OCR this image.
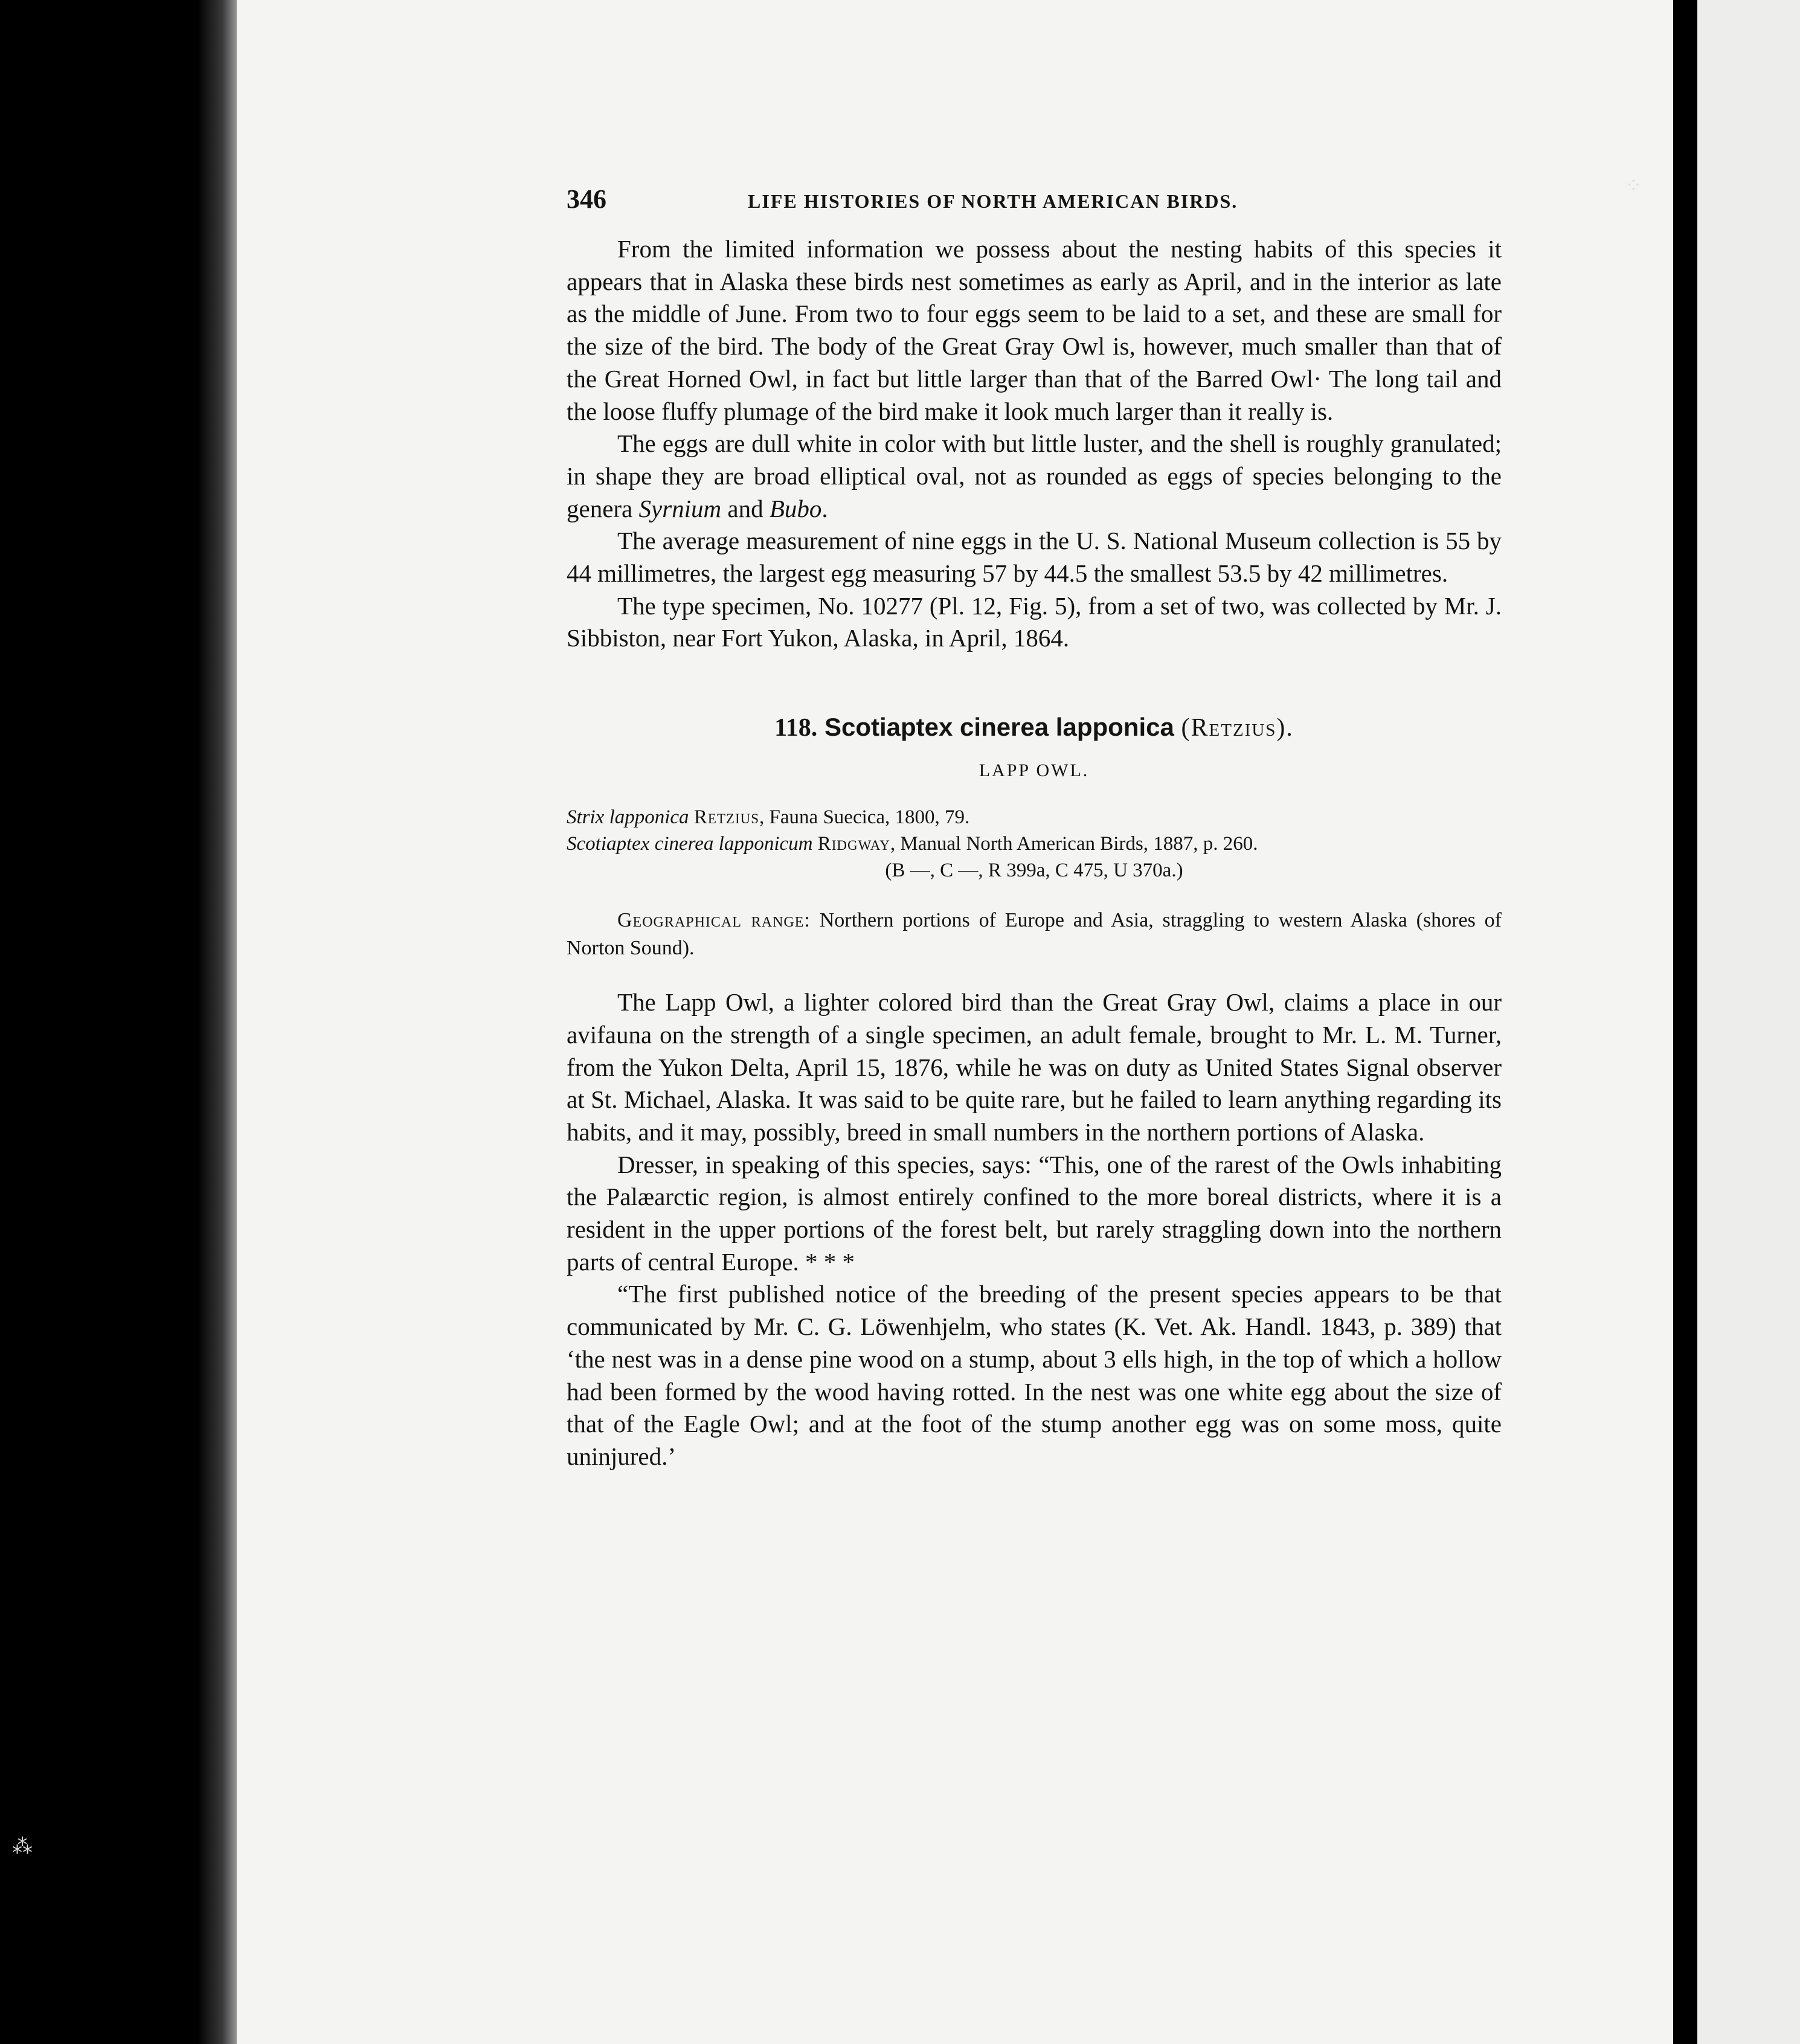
⁘
⁂
346	LIFE HISTORIES OF NORTH AMERICAN BIRDS.

From the limited information we possess about the nesting habits of this species it appears that in Alaska these birds nest sometimes as early as April, and in the interior as late as the middle of June. From two to four eggs seem to be laid to a set, and these are small for the size of the bird. The body of the Great Gray Owl is, however, much smaller than that of the Great Horned Owl, in fact but little larger than that of the Barred Owl· The long tail and the loose fluffy plumage of the bird make it look much larger than it really is.

The eggs are dull white in color with but little luster, and the shell is roughly granulated; in shape they are broad elliptical oval, not as rounded as eggs of species belonging to the genera Syrnium and Bubo.

The average measurement of nine eggs in the U. S. National Museum collection is 55 by 44 millimetres, the largest egg measuring 57 by 44.5 the smallest 53.5 by 42 millimetres.

The type specimen, No. 10277 (Pl. 12, Fig. 5), from a set of two, was collected by Mr. J. Sibbiston, near Fort Yukon, Alaska, in April, 1864.

118. Scotiaptex cinerea lapponica (Retzius).
LAPP OWL.
Strix lapponica Retzius, Fauna Suecica, 1800, 79.
Scotiaptex cinerea lapponicum Ridgway, Manual North American Birds, 1887, p. 260.
(B —, C —, R 399a, C 475, U 370a.)
Geographical range: Northern portions of Europe and Asia, straggling to western Alaska (shores of Norton Sound).

The Lapp Owl, a lighter colored bird than the Great Gray Owl, claims a place in our avifauna on the strength of a single specimen, an adult female, brought to Mr. L. M. Turner, from the Yukon Delta, April 15, 1876, while he was on duty as United States Signal observer at St. Michael, Alaska. It was said to be quite rare, but he failed to learn anything regarding its habits, and it may, possibly, breed in small numbers in the northern portions of Alaska.

Dresser, in speaking of this species, says: “This, one of the rarest of the Owls inhabiting the Palæarctic region, is almost entirely confined to the more boreal districts, where it is a resident in the upper portions of the forest belt, but rarely straggling down into the northern parts of central Europe. * * *

“The first published notice of the breeding of the present species appears to be that communicated by Mr. C. G. Löwenhjelm, who states (K. Vet. Ak. Handl. 1843, p. 389) that ‘the nest was in a dense pine wood on a stump, about 3 ells high, in the top of which a hollow had been formed by the wood having rotted. In the nest was one white egg about the size of that of the Eagle Owl; and at the foot of the stump another egg was on some moss, quite uninjured.’
